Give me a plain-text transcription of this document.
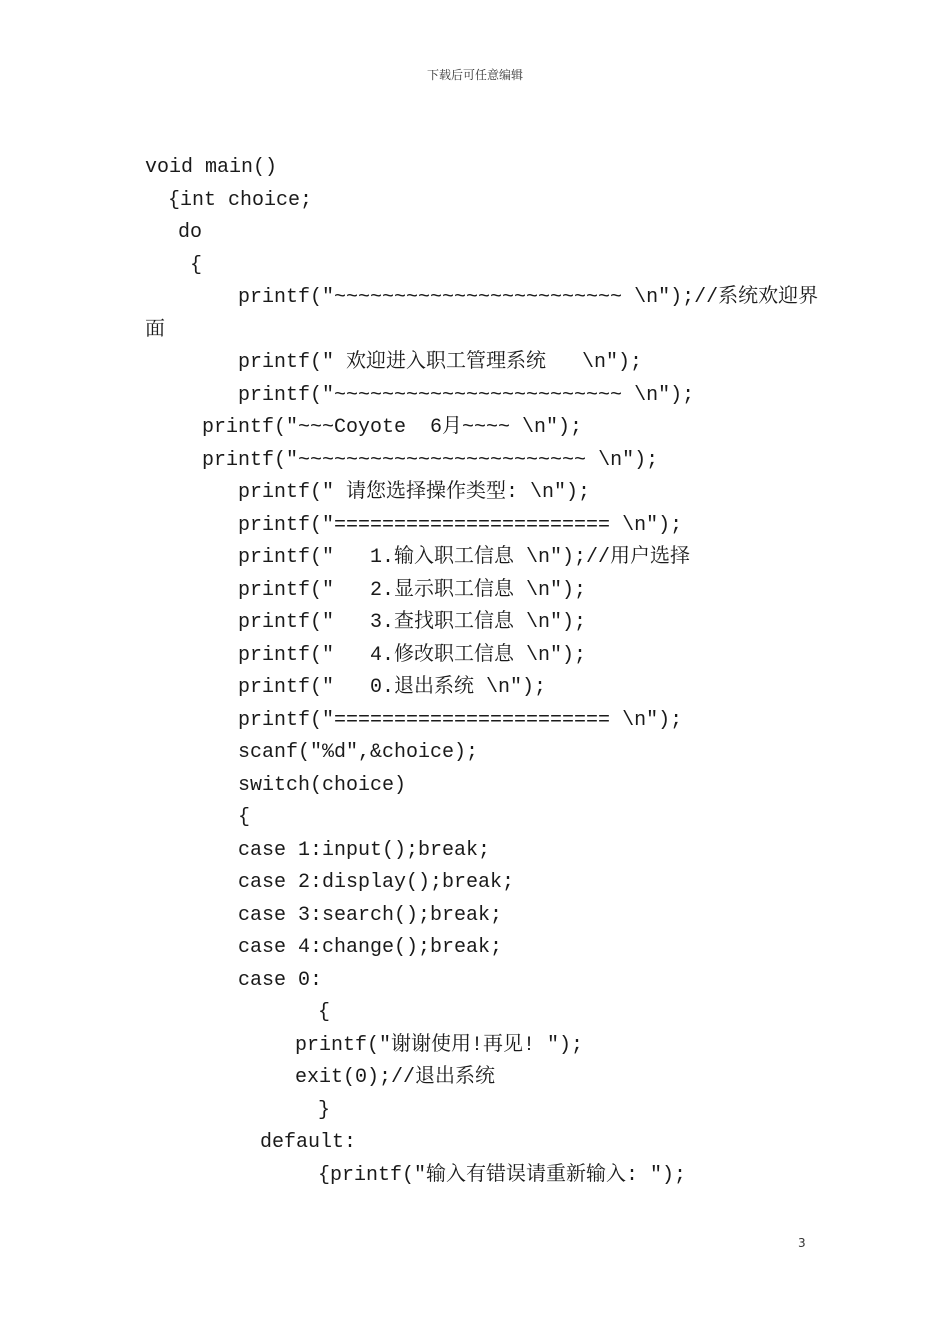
下载后可任意编辑
void main()
{int choice;
do
{
printf("~~~~~~~~~~~~~~~~~~~~~~~~ \n");//系统欢迎界
面
printf(" 欢迎进入职工管理系统   \n");
printf("~~~~~~~~~~~~~~~~~~~~~~~~ \n");
printf("~~~Coyote  6月~~~~ \n");
printf("~~~~~~~~~~~~~~~~~~~~~~~~ \n");
printf(" 请您选择操作类型: \n");
printf("======================= \n");
printf("   1.输入职工信息 \n");//用户选择
printf("   2.显示职工信息 \n");
printf("   3.查找职工信息 \n");
printf("   4.修改职工信息 \n");
printf("   0.退出系统 \n");
printf("======================= \n");
scanf("%d",&choice);
switch(choice)
{
case 1:input();break;
case 2:display();break;
case 3:search();break;
case 4:change();break;
case 0:
{
printf("谢谢使用!再见! ");
exit(0);//退出系统
}
default:
{printf("输入有错误请重新输入: ");
3
